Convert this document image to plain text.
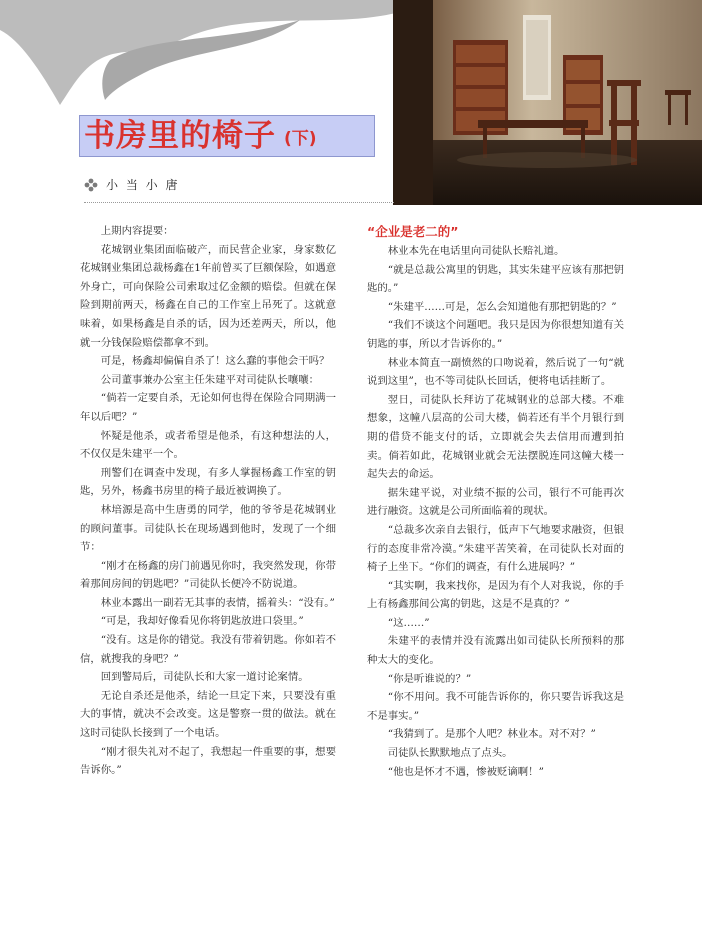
书房里的椅子 (下)
小 当 小 唐

上期内容提要：

花城钢业集团面临破产，而民营企业家，身家数亿花城钢业集团总裁杨鑫在1年前曾买了巨额保险，如遇意外身亡，可向保险公司索取过亿金额的赔偿。但就在保险到期前两天，杨鑫在自己的工作室上吊死了。这就意味着，如果杨鑫是自杀的话，因为还差两天，所以，他就一分钱保险赔偿都拿不到。

可是，杨鑫却偏偏自杀了！这么蠢的事他会干吗？

公司董事兼办公室主任朱建平对司徒队长嚷嚷：

“倘若一定要自杀，无论如何也得在保险合同期满一年以后吧？”

怀疑是他杀，或者希望是他杀，有这种想法的人，不仅仅是朱建平一个。

刑警们在调查中发现，有多人掌握杨鑫工作室的钥匙，另外，杨鑫书房里的椅子最近被调换了。

林培源是高中生唐勇的同学，他的爷爷是花城钢业的顾问董事。司徒队长在现场遇到他时，发现了一个细节：

“刚才在杨鑫的房门前遇见你时，我突然发现，你带着那间房间的钥匙吧？”司徒队长便冷不防说道。

林业本露出一副若无其事的表情，摇着头：“没有。”

“可是，我却好像看见你将钥匙放进口袋里。”

“没有。这是你的错觉。我没有带着钥匙。你如若不信，就搜我的身吧？”

回到警局后，司徒队长和大家一道讨论案情。

无论自杀还是他杀，结论一旦定下来，只要没有重大的事情，就决不会改变。这是警察一贯的做法。就在这时司徒队长接到了一个电话。

“刚才很失礼对不起了，我想起一件重要的事，想要告诉你。”

“企业是老二的”

林业本先在电话里向司徒队长赔礼道。

“就是总裁公寓里的钥匙，其实朱建平应该有那把钥匙的。”

“朱建平……可是，怎么会知道他有那把钥匙的？”

“我们不谈这个问题吧。我只是因为你很想知道有关钥匙的事，所以才告诉你的。”

林业本简直一副愤然的口吻说着，然后说了一句“就说到这里”，也不等司徒队长回话，便将电话挂断了。

翌日，司徒队长拜访了花城钢业的总部大楼。不难想象，这幢八层高的公司大楼，倘若还有半个月银行到期的借贷不能支付的话，立即就会失去信用而遭到拍卖。倘若如此，花城钢业就会无法摆脱连同这幢大楼一起失去的命运。

据朱建平说，对业绩不振的公司，银行不可能再次进行融资。这就是公司所面临着的现状。

“总裁多次亲自去银行，低声下气地要求融资，但银行的态度非常冷漠。”朱建平苦笑着，在司徒队长对面的椅子上坐下。“你们的调查，有什么进展吗？”

“其实啊，我来找你，是因为有个人对我说，你的手上有杨鑫那间公寓的钥匙，这是不是真的？”

“这……”

朱建平的表情并没有流露出如司徒队长所预料的那种太大的变化。

“你是听谁说的？”

“你不用问。我不可能告诉你的，你只要告诉我这是不是事实。”

“我猜到了。是那个人吧？林业本。对不对？”

司徒队长默默地点了点头。

“他也是怀才不遇，惨被贬谪啊！”
